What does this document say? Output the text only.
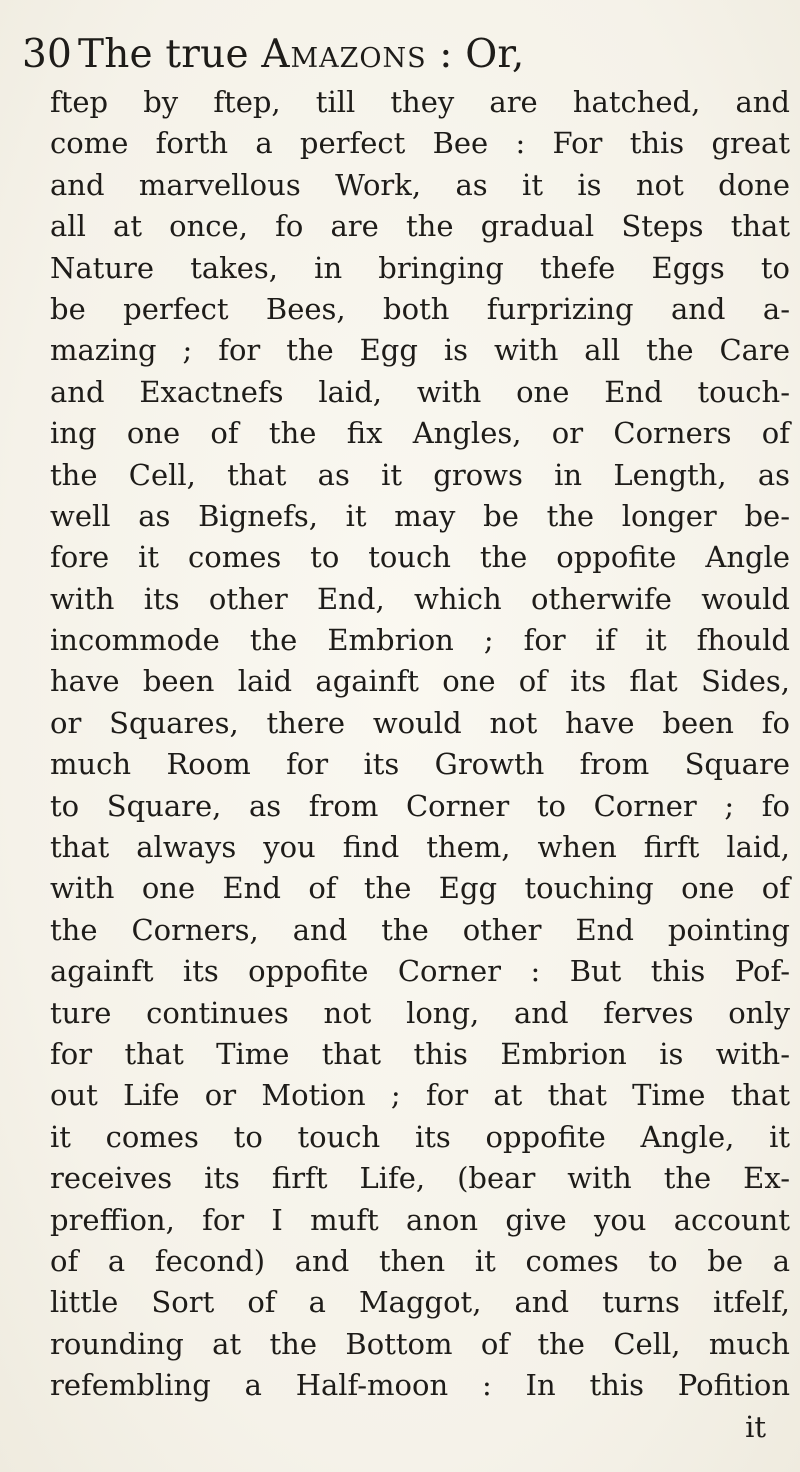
30 The true Amazons : Or,
ftep by ftep, till they are hatched, and
come forth a perfect Bee : For this great
and marvellous Work, as it is not done
all at once, fo are the gradual Steps that
Nature takes, in bringing thefe Eggs to
be perfect Bees, both furprizing and a-
mazing ; for the Egg is with all the Care
and Exactnefs laid, with one End touch-
ing one of the fix Angles, or Corners of
the Cell, that as it grows in Length, as
well as Bignefs, it may be the longer be-
fore it comes to touch the oppofite Angle
with its other End, which otherwife would
incommode the Embrion ; for if it fhould
have been laid againft one of its flat Sides,
or Squares, there would not have been fo
much Room for its Growth from Square
to Square, as from Corner to Corner ; fo
that always you find them, when firft laid,
with one End of the Egg touching one of
the Corners, and the other End pointing
againft its oppofite Corner : But this Pof-
ture continues not long, and ferves only
for that Time that this Embrion is with-
out Life or Motion ; for at that Time that
it comes to touch its oppofite Angle, it
receives its firft Life, (bear with the Ex-
preffion, for I muft anon give you account
of a fecond) and then it comes to be a
little Sort of a Maggot, and turns itfelf,
rounding at the Bottom of the Cell, much
refembling a Half-moon : In this Pofition
it
